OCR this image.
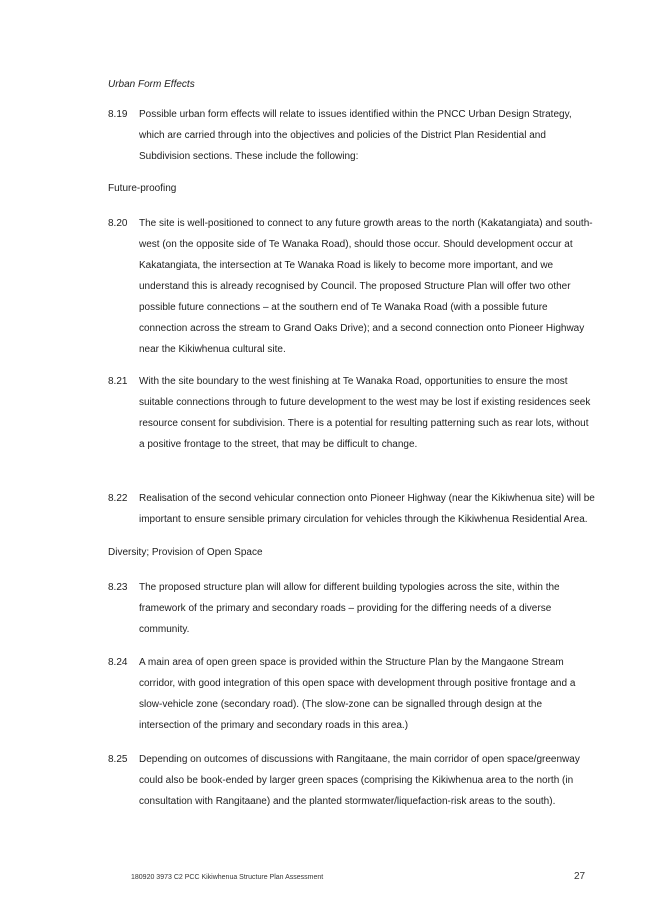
Urban Form Effects
8.19 Possible urban form effects will relate to issues identified within the PNCC Urban Design Strategy, which are carried through into the objectives and policies of the District Plan Residential and Subdivision sections. These include the following:
Future-proofing
8.20 The site is well-positioned to connect to any future growth areas to the north (Kakatangiata) and south-west (on the opposite side of Te Wanaka Road), should those occur. Should development occur at Kakatangiata, the intersection at Te Wanaka Road is likely to become more important, and we understand this is already recognised by Council. The proposed Structure Plan will offer two other possible future connections – at the southern end of Te Wanaka Road (with a possible future connection across the stream to Grand Oaks Drive); and a second connection onto Pioneer Highway near the Kikiwhenua cultural site.
8.21 With the site boundary to the west finishing at Te Wanaka Road, opportunities to ensure the most suitable connections through to future development to the west may be lost if existing residences seek resource consent for subdivision. There is a potential for resulting patterning such as rear lots, without a positive frontage to the street, that may be difficult to change.
8.22 Realisation of the second vehicular connection onto Pioneer Highway (near the Kikiwhenua site) will be important to ensure sensible primary circulation for vehicles through the Kikiwhenua Residential Area.
Diversity; Provision of Open Space
8.23 The proposed structure plan will allow for different building typologies across the site, within the framework of the primary and secondary roads – providing for the differing needs of a diverse community.
8.24 A main area of open green space is provided within the Structure Plan by the Mangaone Stream corridor, with good integration of this open space with development through positive frontage and a slow-vehicle zone (secondary road). (The slow-zone can be signalled through design at the intersection of the primary and secondary roads in this area.)
8.25 Depending on outcomes of discussions with Rangitaane, the main corridor of open space/greenway could also be book-ended by larger green spaces (comprising the Kikiwhenua area to the north (in consultation with Rangitaane) and the planted stormwater/liquefaction-risk areas to the south).
180920 3973 C2 PCC Kikiwhenua Structure Plan Assessment	27
